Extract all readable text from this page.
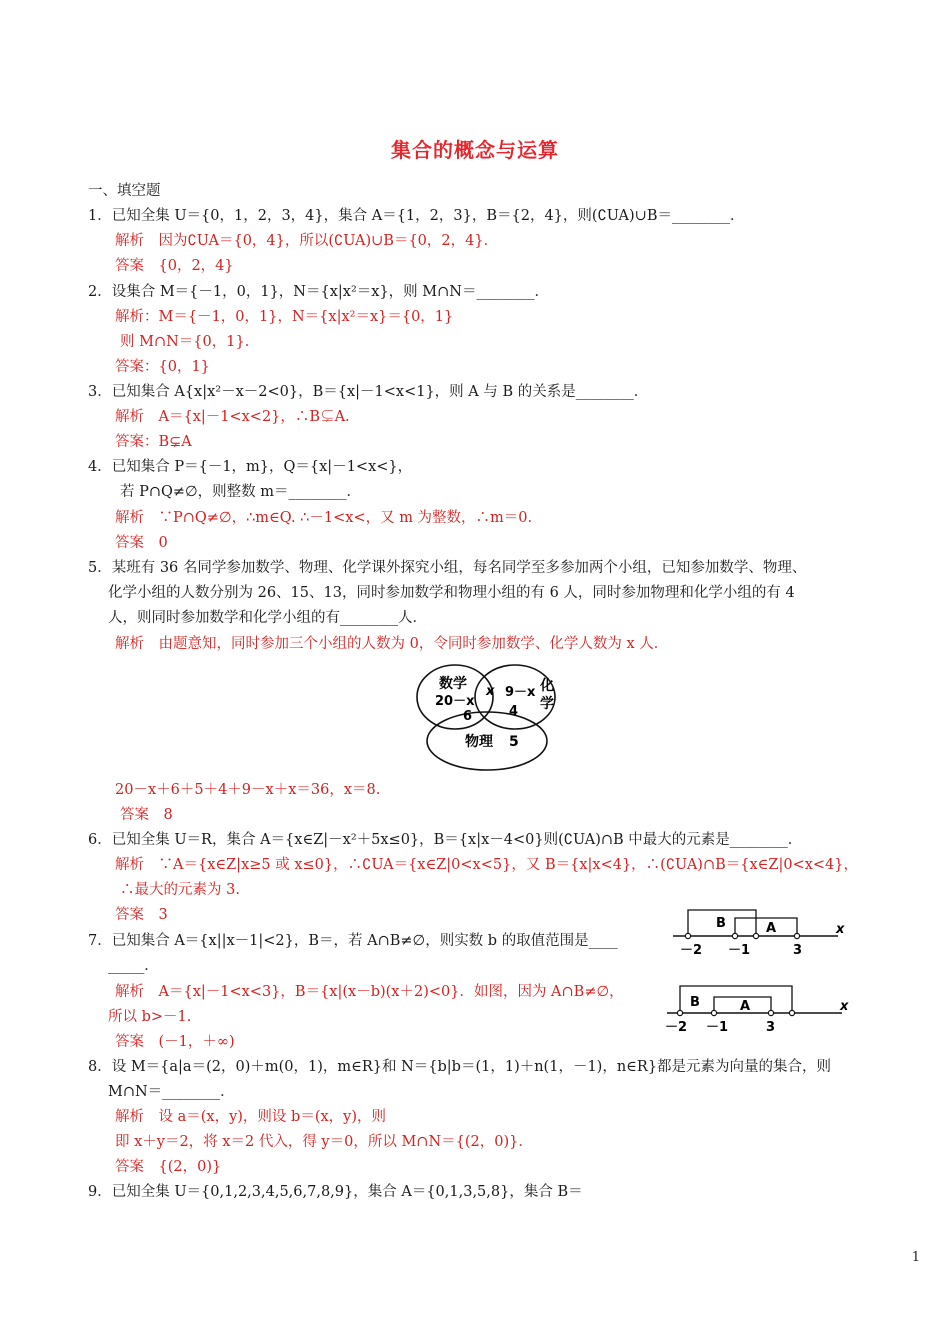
集合的概念与运算
一、填空题
1．已知全集 U＝{0，1，2，3，4}，集合 A＝{1，2，3}，B＝{2，4}，则(∁UA)∪B＝________．
解析　因为∁UA＝{0，4}，所以(∁UA)∪B＝{0，2，4}．
答案　{0，2，4}
2．设集合 M＝{－1，0，1}，N＝{x|x²＝x}，则 M∩N＝________．
解析：M＝{－1，0，1}，N＝{x|x²＝x}＝{0，1}
则 M∩N＝{0，1}．
答案：{0，1}
3．已知集合 A{x|x²－x－2<0}，B＝{x|－1<x<1}，则 A 与 B 的关系是________．
解析　A＝{x|－1<x<2}，∴B⊊A.
答案：B⊊A
4．已知集合 P＝{－1，m}，Q＝{x|－1<x<}，
若 P∩Q≠∅，则整数 m＝________．
解析　∵P∩Q≠∅，∴m∈Q. ∴－1<x<，又 m 为整数，∴m＝0.
答案　0
5．某班有 36 名同学参加数学、物理、化学课外探究小组，每名同学至多参加两个小组，已知参加数学、物理、
化学小组的人数分别为 26、15、13，同时参加数学和物理小组的有 6 人，同时参加物理和化学小组的有 4
人，则同时参加数学和化学小组的有________人．
解析　由题意知，同时参加三个小组的人数为 0，令同时参加数学、化学人数为 x 人．
数学
20－x
x 9－x 化
学
6	4
物理 5
20－x＋6＋5＋4＋9－x＋x＝36，x＝8.
答案　8
6．已知全集 U＝R，集合 A＝{x∈Z|－x²＋5x≤0}，B＝{x|x－4<0}则(∁UA)∩B 中最大的元素是________．
解析　∵A＝{x∈Z|x≥5 或 x≤0}，∴∁UA＝{x∈Z|0<x<5}，又 B＝{x|x<4}，∴(∁UA)∩B＝{x∈Z|0<x<4}，
∴最大的元素为 3.
答案　3
B	A	x
－2 －1	3
7．已知集合 A＝{x||x－1|<2}，B＝，若 A∩B≠∅，则实数 b 的取值范围是____
_____．
解析　A＝{x|－1<x<3}，B＝{x|(x－b)(x＋2)<0}．如图，因为 A∩B≠∅，
所以 b>－1.
B	A	x
－2 －1	3
答案　(－1，＋∞)
8．设 M＝{a|a＝(2，0)＋m(0，1)，m∈R}和 N＝{b|b＝(1，1)＋n(1，－1)，n∈R}都是元素为向量的集合，则
M∩N＝________．
解析　设 a＝(x，y)，则设 b＝(x，y)，则
即 x＋y＝2，将 x＝2 代入，得 y＝0，所以 M∩N＝{(2，0)}．
答案　{(2，0)}
9．已知全集 U＝{0,1,2,3,4,5,6,7,8,9}，集合 A＝{0,1,3,5,8}，集合 B＝
1
